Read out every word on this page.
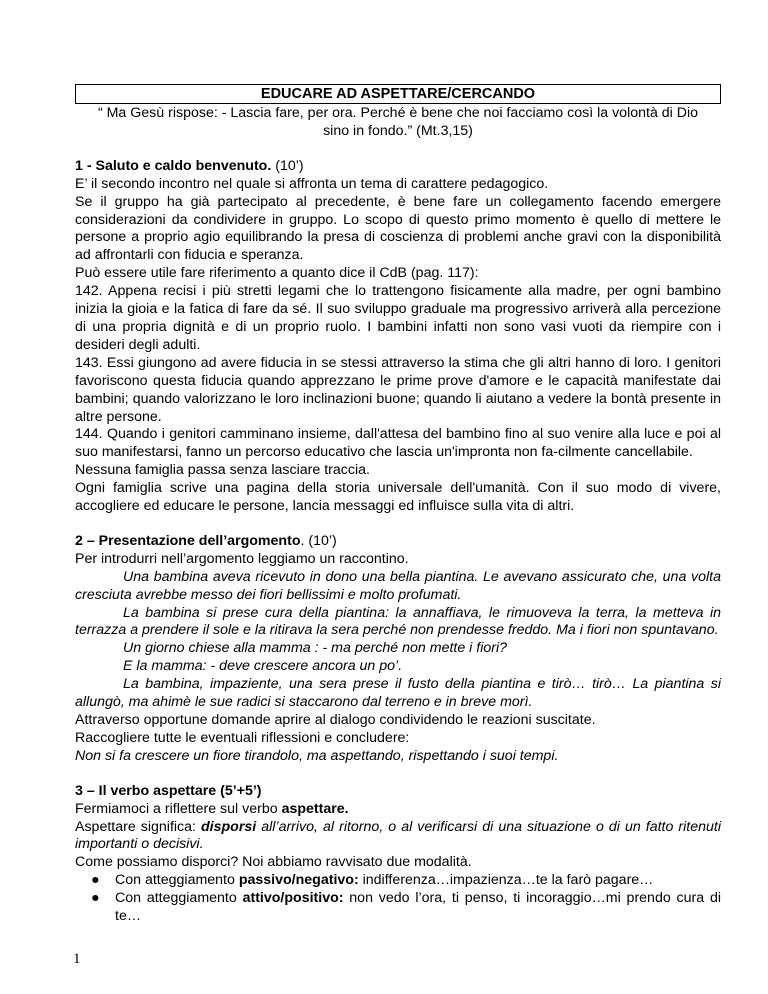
EDUCARE AD ASPETTARE/CERCANDO
“ Ma Gesù rispose: - Lascia fare, per ora. Perché è bene che noi facciamo così la volontà di Dio sino in fondo.” (Mt.3,15)
1 - Saluto e caldo benvenuto. (10’)
E’ il secondo incontro nel quale si affronta un tema di carattere pedagogico.
Se il gruppo ha già partecipato al precedente, è bene fare un collegamento facendo emergere considerazioni da condividere in gruppo. Lo scopo di questo primo momento è quello di mettere le persone a proprio agio equilibrando la presa di coscienza di problemi anche gravi con la disponibilità ad affrontarli con fiducia e speranza.
Può essere utile fare riferimento a quanto dice il CdB (pag. 117):
142. Appena recisi i più stretti legami che lo trattengono fisicamente alla madre, per ogni bambino inizia la gioia e la fatica di fare da sé. Il suo sviluppo graduale ma progressivo arriverà alla percezione di una propria dignità e di un proprio ruolo. I bambini infatti non sono vasi vuoti da riempire con i desideri degli adulti.
143. Essi giungono ad avere fiducia in se stessi attraverso la stima che gli altri hanno di loro. I genitori favoriscono questa fiducia quando apprezzano le prime prove d'amore e le capacità manifestate dai bambini; quando valorizzano le loro inclinazioni buone; quando li aiutano a vedere la bontà presente in altre persone.
144. Quando i genitori camminano insieme, dall'attesa del bambino fino al suo venire alla luce e poi al suo manifestarsi, fanno un percorso educativo che lascia un'impronta non fa-cilmente cancellabile.
Nessuna famiglia passa senza lasciare traccia.
Ogni famiglia scrive una pagina della storia universale dell'umanità. Con il suo modo di vivere, accogliere ed educare le persone, lancia messaggi ed influisce sulla vita di altri.
2 – Presentazione dell’argomento. (10’)
Per introdurri nell’argomento leggiamo un raccontino.
Una bambina aveva ricevuto in dono una bella piantina. Le avevano assicurato che, una volta cresciuta avrebbe messo dei fiori bellissimi e molto profumati.
La bambina si prese cura della piantina: la annaffiava, le rimuoveva la terra, la metteva in terrazza a prendere il sole e la ritirava la sera perché non prendesse freddo. Ma i fiori non spuntavano.
Un giorno chiese alla mamma : - ma perché non mette i fiori?
E la mamma: - deve crescere ancora un po’.
La bambina, impaziente, una sera prese il fusto della piantina e tirò… tirò… La piantina si allungò, ma ahimè le sue radici si staccarono dal terreno e in breve morì.
Attraverso opportune domande aprire al dialogo condividendo le reazioni suscitate.
Raccogliere tutte le eventuali riflessioni e concludere:
Non si fa crescere un fiore tirandolo, ma aspettando, rispettando i suoi tempi.
3 – Il verbo aspettare (5’+5’)
Fermiamoci a riflettere sul verbo aspettare.
Aspettare significa: disporsi all’arrivo, al ritorno, o al verificarsi di una situazione o di un fatto ritenuti importanti o decisivi.
Come possiamo disporci? Noi abbiamo ravvisato due modalità.
● Con atteggiamento passivo/negativo: indifferenza…impazienza…te la farò pagare…
● Con atteggiamento attivo/positivo: non vedo l’ora, ti penso, ti incoraggio…mi prendo cura di te…
1
